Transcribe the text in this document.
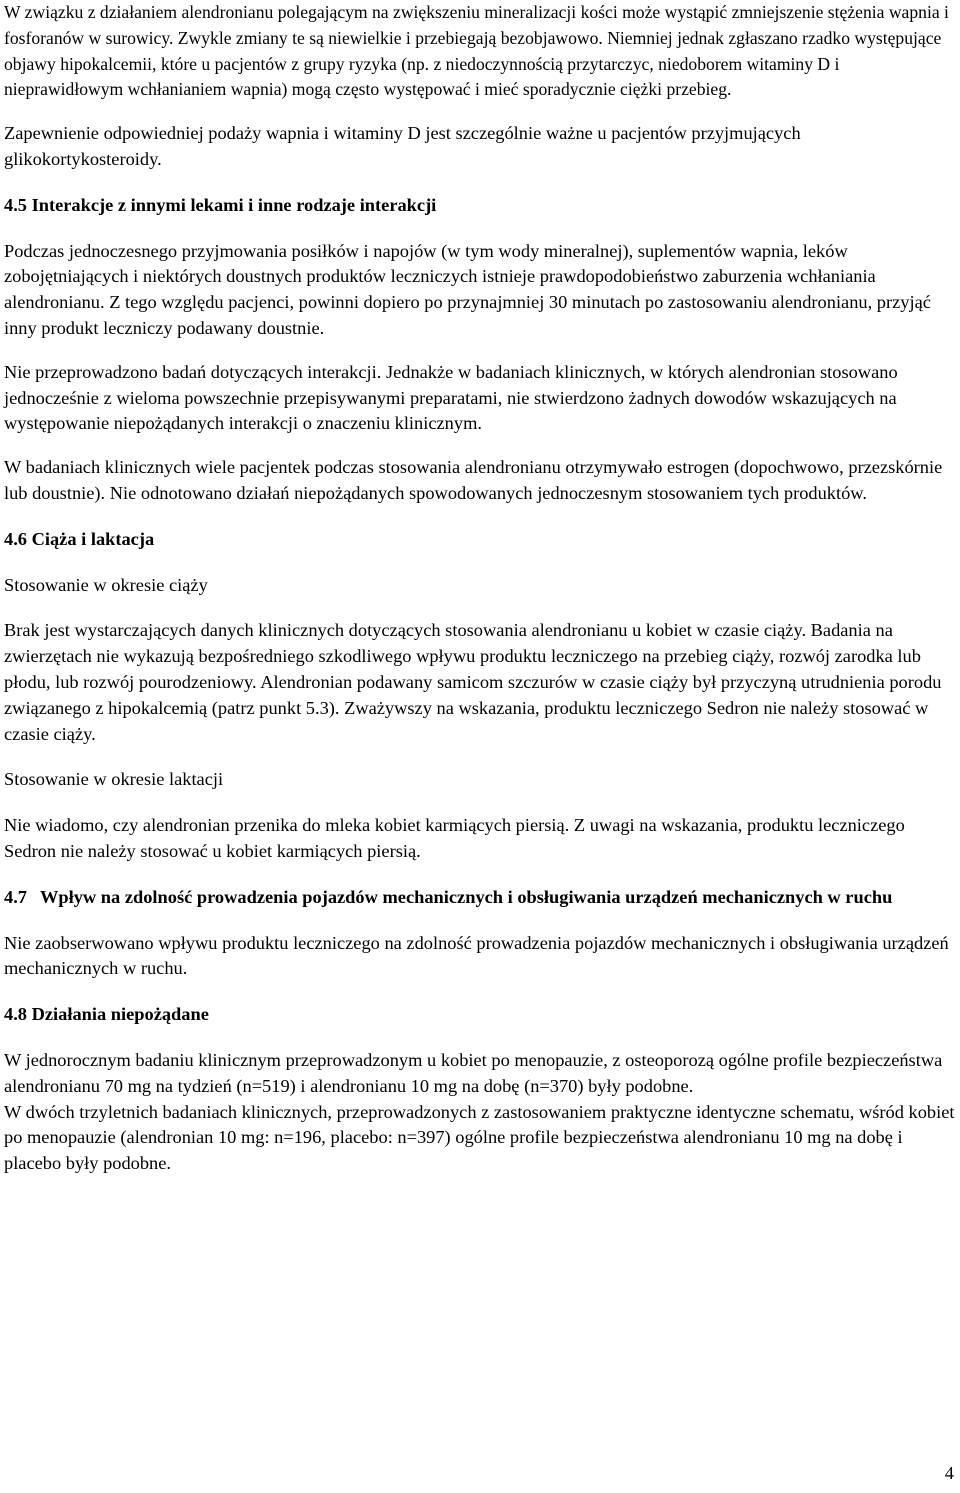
W związku z działaniem alendronianu polegającym na zwiększeniu mineralizacji kości może wystąpić zmniejszenie stężenia wapnia i fosforanów w surowicy. Zwykle zmiany te są niewielkie i przebiegają bezobjawowo. Niemniej jednak zgłaszano rzadko występujące objawy hipokalcemii, które u pacjentów z grupy ryzyka (np. z niedoczynnością przytarczyc, niedoborem witaminy D i nieprawidłowym wchłanianiem wapnia) mogą często występować i mieć sporadycznie ciężki przebieg.

Zapewnienie odpowiedniej podaży wapnia i witaminy D jest szczególnie ważne u pacjentów przyjmujących glikokortykosteroidy.

4.5 Interakcje z innymi lekami i inne rodzaje interakcji

Podczas jednoczesnego przyjmowania posiłków i napojów (w tym wody mineralnej), suplementów wapnia, leków zobojętniających i niektórych doustnych produktów leczniczych istnieje prawdopodobieństwo zaburzenia wchłaniania alendronianu. Z tego względu pacjenci, powinni dopiero po przynajmniej 30 minutach po zastosowaniu alendronianu, przyjąć inny produkt leczniczy podawany doustnie.

Nie przeprowadzono badań dotyczących interakcji. Jednakże w badaniach klinicznych, w których alendronian stosowano jednocześnie z wieloma powszechnie przepisywanymi preparatami, nie stwierdzono żadnych dowodów wskazujących na występowanie niepożądanych interakcji o znaczeniu klinicznym.

W badaniach klinicznych wiele pacjentek podczas stosowania alendronianu otrzymywało estrogen (dopochwowo, przezskórnie lub doustnie). Nie odnotowano działań niepożądanych spowodowanych jednoczesnym stosowaniem tych produktów.

4.6 Ciąża i laktacja

Stosowanie w okresie ciąży

Brak jest wystarczających danych klinicznych dotyczących stosowania alendronianu u kobiet w czasie ciąży. Badania na zwierzętach nie wykazują bezpośredniego szkodliwego wpływu produktu leczniczego na przebieg ciąży, rozwój zarodka lub płodu, lub rozwój pourodzeniowy. Alendronian podawany samicom szczurów w czasie ciąży był przyczyną utrudnienia porodu związanego z hipokalcemią (patrz punkt 5.3). Zważywszy na wskazania, produktu leczniczego Sedron nie należy stosować w czasie ciąży.

Stosowanie w okresie laktacji

Nie wiadomo, czy alendronian przenika do mleka kobiet karmiących piersią. Z uwagi na wskazania, produktu leczniczego Sedron nie należy stosować u kobiet karmiących piersią.

4.7 Wpływ na zdolność prowadzenia pojazdów mechanicznych i obsługiwania urządzeń mechanicznych w ruchu

Nie zaobserwowano wpływu produktu leczniczego na zdolność prowadzenia pojazdów mechanicznych i obsługiwania urządzeń mechanicznych w ruchu.

4.8 Działania niepożądane

W jednorocznym badaniu klinicznym przeprowadzonym u kobiet po menopauzie, z osteoporozą ogólne profile bezpieczeństwa alendronianu 70 mg na tydzień (n=519) i alendronianu 10 mg na dobę (n=370) były podobne.

W dwóch trzyletnich badaniach klinicznych, przeprowadzonych z zastosowaniem praktyczne identyczne schematu, wśród kobiet po menopauzie (alendronian 10 mg: n=196, placebo: n=397) ogólne profile bezpieczeństwa alendronianu 10 mg na dobę i placebo były podobne.

4
